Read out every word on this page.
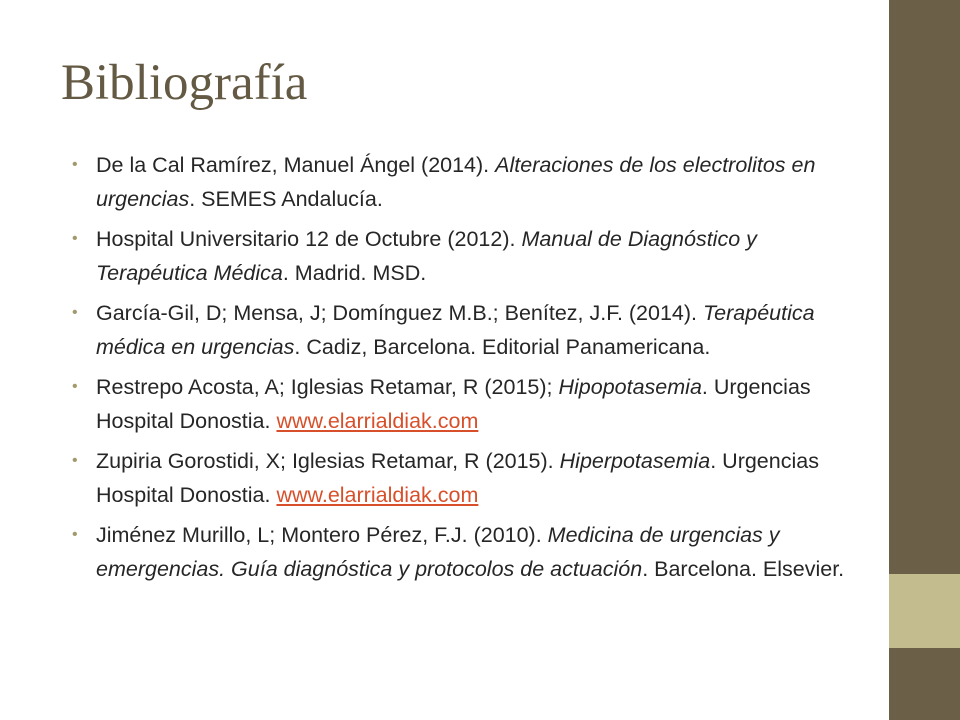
Bibliografía
• De la Cal Ramírez, Manuel Ángel (2014). Alteraciones de los electrolitos en urgencias. SEMES Andalucía.
• Hospital Universitario 12 de Octubre (2012). Manual de Diagnóstico y Terapéutica Médica. Madrid. MSD.
• García-Gil, D; Mensa, J; Domínguez M.B.; Benítez, J.F. (2014). Terapéutica médica en urgencias. Cadiz, Barcelona. Editorial Panamericana.
• Restrepo Acosta, A; Iglesias Retamar, R (2015); Hipopotasemia. Urgencias Hospital Donostia. www.elarrialdiak.com
• Zupiria Gorostidi, X; Iglesias Retamar, R (2015). Hiperpotasemia. Urgencias Hospital Donostia. www.elarrialdiak.com
• Jiménez Murillo, L; Montero Pérez, F.J. (2010). Medicina de urgencias y emergencias. Guía diagnóstica y protocolos de actuación. Barcelona. Elsevier.
